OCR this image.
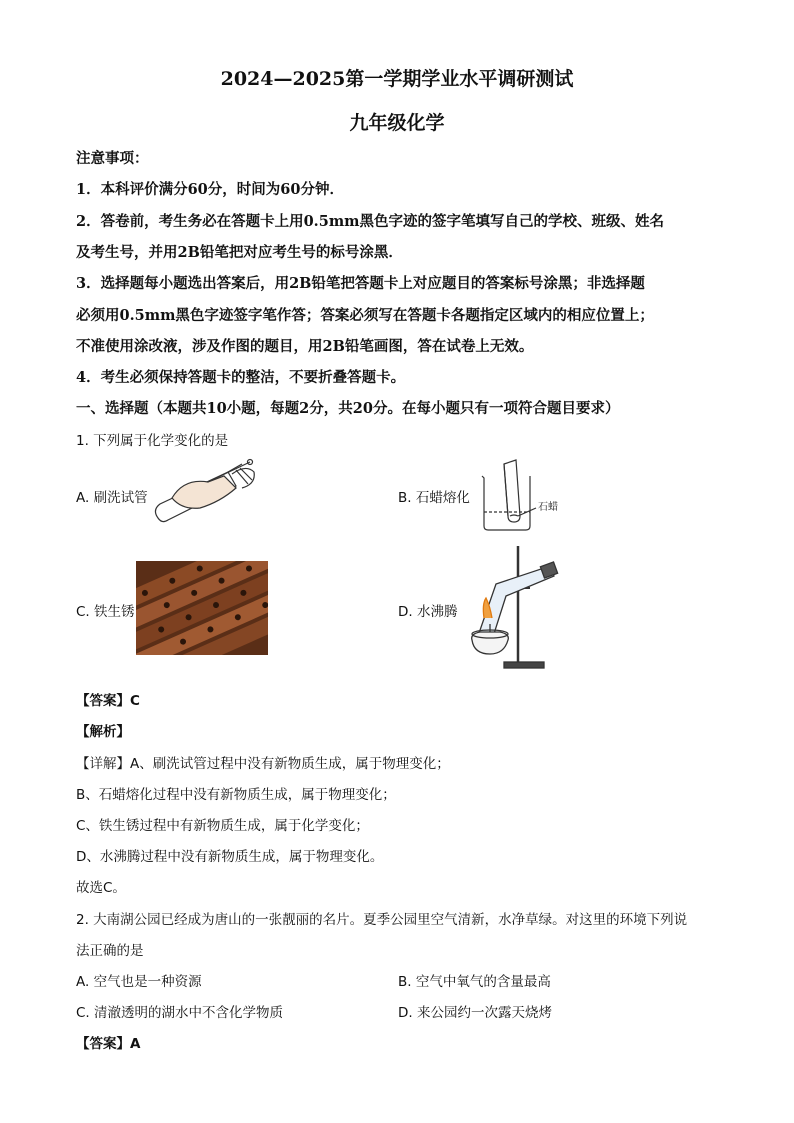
2024—2025第一学期学业水平调研测试
九年级化学
注意事项：
1．本科评价满分60分，时间为60分钟．
2．答卷前，考生务必在答题卡上用0.5mm黑色字迹的签字笔填写自己的学校、班级、姓名
及考生号，并用2B铅笔把对应考生号的标号涂黑．
3．选择题每小题选出答案后，用2B铅笔把答题卡上对应题目的答案标号涂黑；非选择题
必须用0.5mm黑色字迹签字笔作答；答案必须写在答题卡各题指定区域内的相应位置上；
不准使用涂改液，涉及作图的题目，用2B铅笔画图，答在试卷上无效。
4．考生必须保持答题卡的整洁，不要折叠答题卡。
一、选择题（本题共10小题，每题2分，共20分。在每小题只有一项符合题目要求）
1. 下列属于化学变化的是
A. 刷洗试管	B. 石蜡熔化
石蜡
C. 铁生锈	D. 水沸腾
【答案】C
【解析】
【详解】A、刷洗试管过程中没有新物质生成，属于物理变化；
B、石蜡熔化过程中没有新物质生成，属于物理变化；
C、铁生锈过程中有新物质生成，属于化学变化；
D、水沸腾过程中没有新物质生成，属于物理变化。
故选C。
2. 大南湖公园已经成为唐山的一张靓丽的名片。夏季公园里空气清新，水净草绿。对这里的环境下列说
法正确的是
A. 空气也是一种资源	B. 空气中氧气的含量最高
C. 清澈透明的湖水中不含化学物质	D. 来公园约一次露天烧烤
【答案】A
